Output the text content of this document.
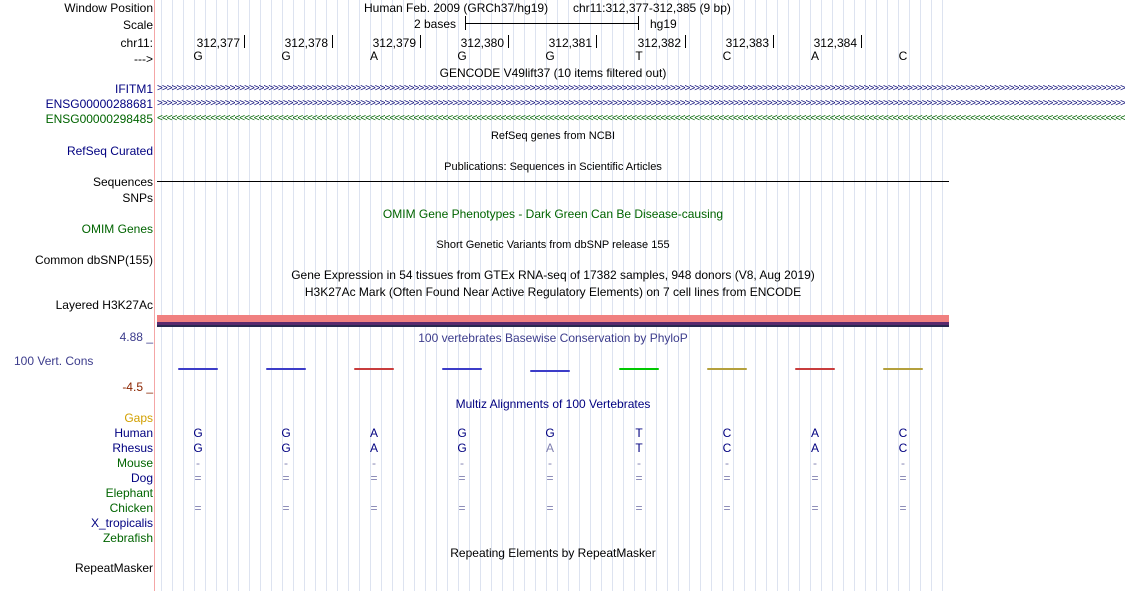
Window Position
Scale
chr11:
--->
Human Feb. 2009 (GRCh37/hg19) chr11:312,377-312,385 (9 bp)
2 bases	hg19
312,377	312,378	312,379	312,380	312,381	312,382	312,383	312,384
G	G	A	G	G	T	C	A	C
GENCODE V49lift37 (10 items filtered out)
IFITM1
ENSG00000288681
ENSG00000298485
>>>>>>>>>>>>>>>>>>>>>>>>>>>>>>>>>>>>>>>>>>>>>>>>>>>>>>>>>>>>>>>>>>>>>>>>>>>>>>>>>>>>>>>>>>>>>>>>>>>>>>>>>>>>>>>>>>>>>>>>>>>>>>>>>>>>>>>>>>>>>>>>>>>>>>>>>>>>>>>>>>>>>>>>>>>>>>>>>>>>>>>>>>>>>>>>>>>>>>>>
>>>>>>>>>>>>>>>>>>>>>>>>>>>>>>>>>>>>>>>>>>>>>>>>>>>>>>>>>>>>>>>>>>>>>>>>>>>>>>>>>>>>>>>>>>>>>>>>>>>>>>>>>>>>>>>>>>>>>>>>>>>>>>>>>>>>>>>>>>>>>>>>>>>>>>>>>>>>>>>>>>>>>>>>>>>>>>>>>>>>>>>>>>>>>>>>>>>>>>>>
<<<<<<<<<<<<<<<<<<<<<<<<<<<<<<<<<<<<<<<<<<<<<<<<<<<<<<<<<<<<<<<<<<<<<<<<<<<<<<<<<<<<<<<<<<<<<<<<<<<<<<<<<<<<<<<<<<<<<<<<<<<<<<<<<<<<<<<<<<<<<<<<<<<<<<<<<<<<<<<<<<<<<<<<<<<<<<<<<<<<<<<<<<<<<<<<<<<<<<<<
RefSeq genes from NCBI
RefSeq Curated
Publications: Sequences in Scientific Articles
Sequences
SNPs
OMIM Gene Phenotypes - Dark Green Can Be Disease-causing
OMIM Genes
Short Genetic Variants from dbSNP release 155
Common dbSNP(155)
Gene Expression in 54 tissues from GTEx RNA-seq of 17382 samples, 948 donors (V8, Aug 2019)
H3K27Ac Mark (Often Found Near Active Regulatory Elements) on 7 cell lines from ENCODE
Layered H3K27Ac
4.88 _	100 vertebrates Basewise Conservation by PhyloP
100 Vert. Cons
-4.5 _
Multiz Alignments of 100 Vertebrates
Gaps
Human	G	G	A	G	G	T	C	A	C
Rhesus	G	G	A	G	A	T	C	A	C
Mouse	-	-	-	-	-	-	-	-	-
Dog	=	=	=	=	=	=	=	=	=
Elephant
Chicken	=	=	=	=	=	=	=	=	=
X_tropicalis
Zebrafish
Repeating Elements by RepeatMasker
RepeatMasker
